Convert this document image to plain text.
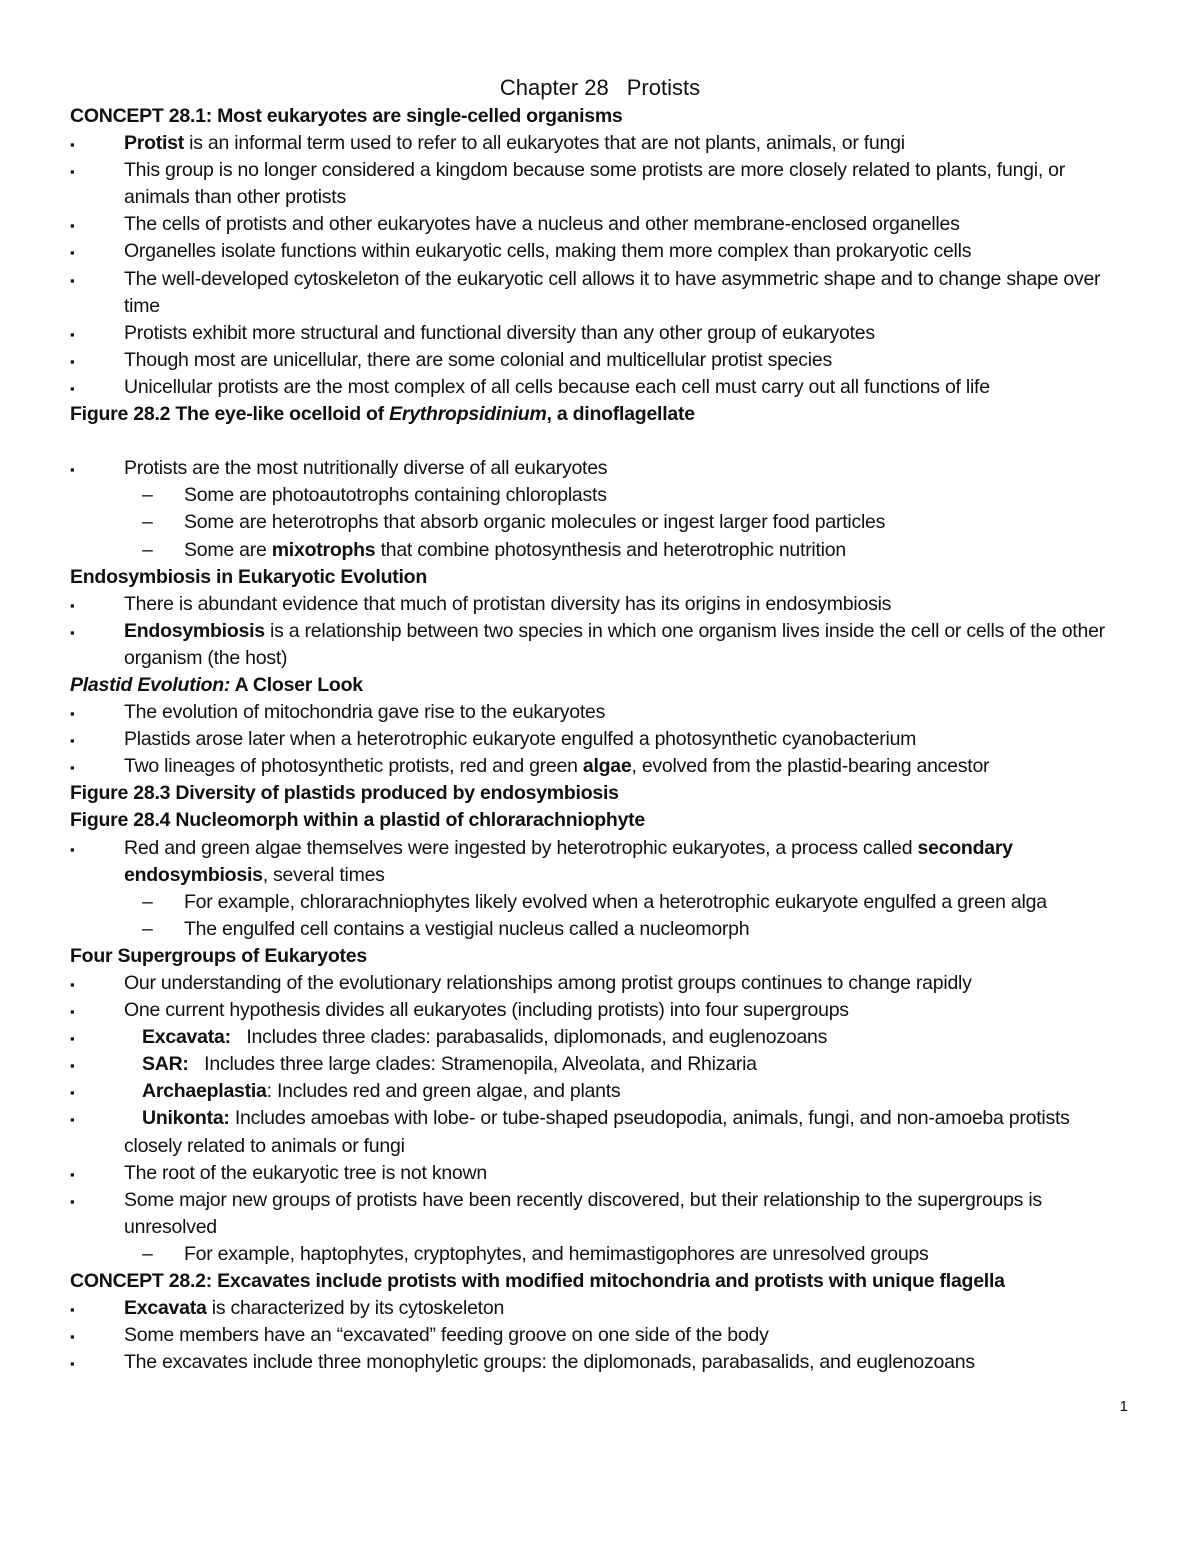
Chapter 28 Protists
CONCEPT 28.1: Most eukaryotes are single-celled organisms
▪	Protist is an informal term used to refer to all eukaryotes that are not plants, animals, or fungi
▪	This group is no longer considered a kingdom because some protists are more closely related to plants, fungi, or
animals than other protists
▪	The cells of protists and other eukaryotes have a nucleus and other membrane-enclosed organelles
▪	Organelles isolate functions within eukaryotic cells, making them more complex than prokaryotic cells
▪	The well-developed cytoskeleton of the eukaryotic cell allows it to have asymmetric shape and to change shape over
time
▪	Protists exhibit more structural and functional diversity than any other group of eukaryotes
▪	Though most are unicellular, there are some colonial and multicellular protist species
▪	Unicellular protists are the most complex of all cells because each cell must carry out all functions of life
Figure 28.2 The eye-like ocelloid of Erythropsidinium, a dinoflagellate
▪	Protists are the most nutritionally diverse of all eukaryotes
– Some are photoautotrophs containing chloroplasts
– Some are heterotrophs that absorb organic molecules or ingest larger food particles
– Some are mixotrophs that combine photosynthesis and heterotrophic nutrition
Endosymbiosis in Eukaryotic Evolution
▪	There is abundant evidence that much of protistan diversity has its origins in endosymbiosis
▪	Endosymbiosis is a relationship between two species in which one organism lives inside the cell or cells of the other
organism (the host)
Plastid Evolution: A Closer Look
▪	The evolution of mitochondria gave rise to the eukaryotes
▪	Plastids arose later when a heterotrophic eukaryote engulfed a photosynthetic cyanobacterium
▪	Two lineages of photosynthetic protists, red and green algae, evolved from the plastid-bearing ancestor
Figure 28.3 Diversity of plastids produced by endosymbiosis
Figure 28.4 Nucleomorph within a plastid of chlorarachniophyte
▪	Red and green algae themselves were ingested by heterotrophic eukaryotes, a process called secondary
endosymbiosis, several times
– For example, chlorarachniophytes likely evolved when a heterotrophic eukaryote engulfed a green alga
– The engulfed cell contains a vestigial nucleus called a nucleomorph
Four Supergroups of Eukaryotes
▪	Our understanding of the evolutionary relationships among protist groups continues to change rapidly
▪	One current hypothesis divides all eukaryotes (including protists) into four supergroups
▪	Excavata:   Includes three clades: parabasalids, diplomonads, and euglenozoans
▪	SAR:   Includes three large clades: Stramenopila, Alveolata, and Rhizaria
▪	Archaeplastia: Includes red and green algae, and plants
▪	Unikonta: Includes amoebas with lobe- or tube-shaped pseudopodia, animals, fungi, and non-amoeba protists
closely related to animals or fungi
▪	The root of the eukaryotic tree is not known
▪	Some major new groups of protists have been recently discovered, but their relationship to the supergroups is
unresolved
– For example, haptophytes, cryptophytes, and hemimastigophores are unresolved groups
CONCEPT 28.2: Excavates include protists with modified mitochondria and protists with unique flagella
▪	Excavata is characterized by its cytoskeleton
▪	Some members have an “excavated” feeding groove on one side of the body
▪	The excavates include three monophyletic groups: the diplomonads, parabasalids, and euglenozoans
1
